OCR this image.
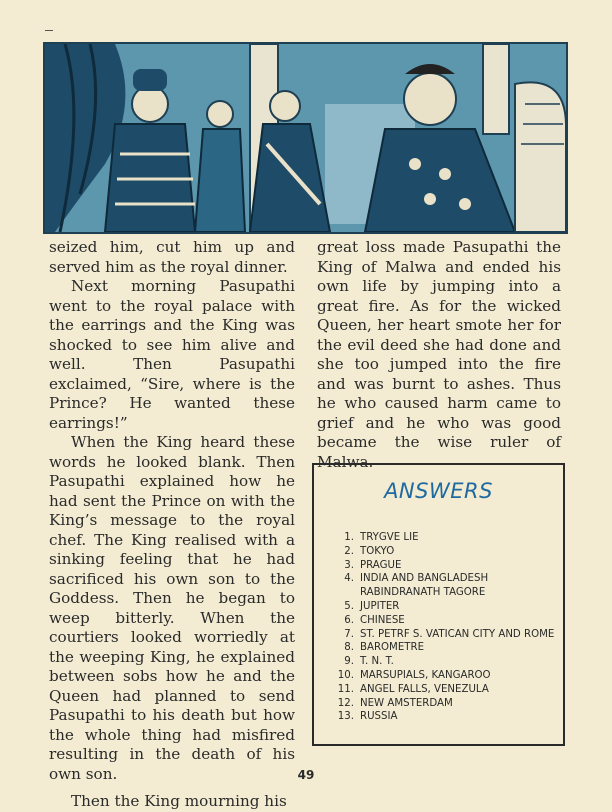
seized him, cut him up and served him as the royal dinner.

Next morning Pasupathi went to the royal palace with the earrings and the King was shocked to see him alive and well. Then Pasupathi exclaimed, “Sire, where is the Prince? He wanted these earrings!”

When the King heard these words he looked blank. Then Pasupathi explained how he had sent the Prince on with the King’s message to the royal chef. The King realised with a sinking feeling that he had sacrificed his own son to the Goddess. Then he began to weep bitterly. When the courtiers looked worriedly at the weeping King, he explained between sobs how he and the Queen had planned to send Pasupathi to his death but how the whole thing had misfired resulting in the death of his own son.

Then the King mourning his

great loss made Pasupathi the King of Malwa and ended his own life by jumping into a great fire. As for the wicked Queen, her heart smote her for the evil deed she had done and she too jumped into the fire and was burnt to ashes. Thus he who caused harm came to grief and he who was good became the wise ruler of Malwa.

ANSWERS
1. TRYGVE LIE
2. TOKYO
3. PRAGUE
4. INDIA AND BANGLADESH RABINDRANATH TAGORE
5. JUPITER
6. CHINESE
7. ST. PETRF S. VATICAN CITY AND ROME
8. BAROMETRE
9. T. N. T.
10. MARSUPIALS, KANGAROO
11. ANGEL FALLS, VENEZULA
12. NEW AMSTERDAM
13. RUSSIA
49
